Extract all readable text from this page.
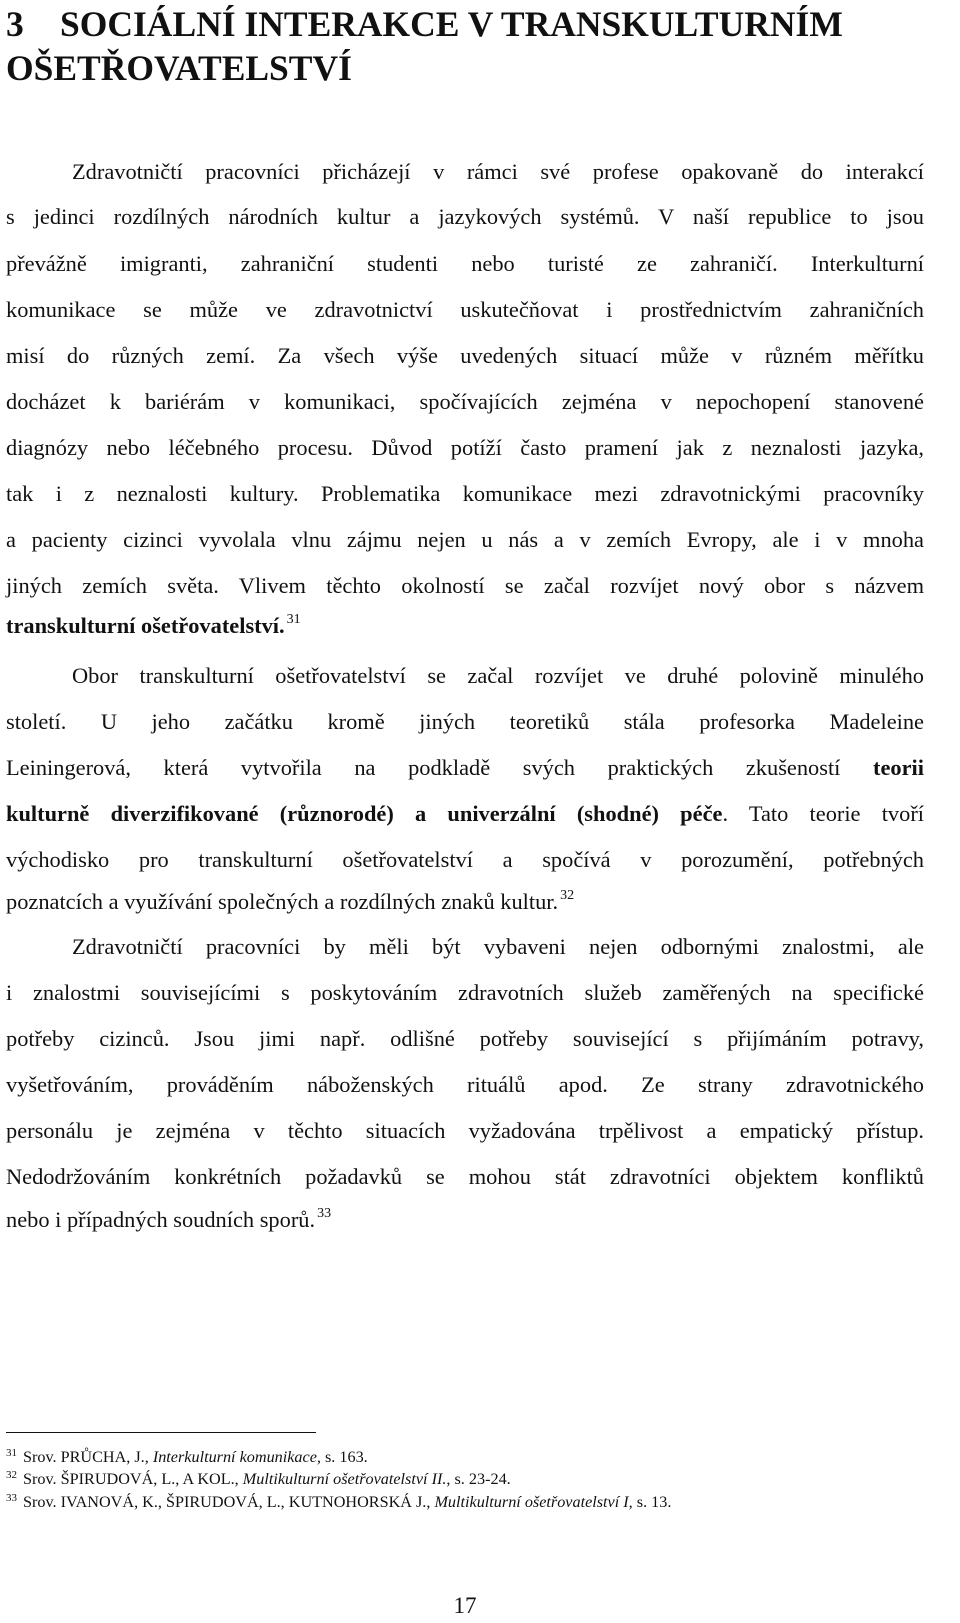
3 SOCIÁLNÍ INTERAKCE V TRANSKULTURNÍM
OŠETŘOVATELSTVÍ
Zdravotničtí pracovníci přicházejí v rámci své profese opakovaně do interakcí
s jedinci rozdílných národních kultur a jazykových systémů. V naší republice to jsou
převážně imigranti, zahraniční studenti nebo turisté ze zahraničí. Interkulturní
komunikace se může ve zdravotnictví uskutečňovat i prostřednictvím zahraničních
misí do různých zemí. Za všech výše uvedených situací může v různém měřítku
docházet k bariérám v komunikaci, spočívajících zejména v nepochopení stanovené
diagnózy nebo léčebného procesu. Důvod potíží často pramení jak z neznalosti jazyka,
tak i z neznalosti kultury. Problematika komunikace mezi zdravotnickými pracovníky
a pacienty cizinci vyvolala vlnu zájmu nejen u nás a v zemích Evropy, ale i v mnoha
jiných zemích světa. Vlivem těchto okolností se začal rozvíjet nový obor s názvem
transkulturní ošetřovatelství. $^{31}$
Obor transkulturní ošetřovatelství se začal rozvíjet ve druhé polovině minulého
století. U jeho začátku kromě jiných teoretiků stála profesorka Madeleine
Leiningerová, která vytvořila na podkladě svých praktických zkušeností teorii
kulturně diverzifikované (různorodé) a univerzální (shodné) péče. Tato teorie tvoří
východisko pro transkulturní ošetřovatelství a spočívá v porozumění, potřebných
poznatcích a využívání společných a rozdílných znaků kultur. $^{32}$
Zdravotničtí pracovníci by měli být vybaveni nejen odbornými znalostmi, ale
i znalostmi souvisejícími s poskytováním zdravotních služeb zaměřených na specifické
potřeby cizinců. Jsou jimi např. odlišné potřeby související s přijímáním potravy,
vyšetřováním, prováděním náboženských rituálů apod. Ze strany zdravotnického
personálu je zejména v těchto situacích vyžadována trpělivost a empatický přístup.
Nedodržováním konkrétních požadavků se mohou stát zdravotníci objektem konfliktů
nebo i případných soudních sporů. $^{33}$
$^{31}$ Srov. PRŮCHA, J., Interkulturní komunikace, s. 163.
$^{32}$ Srov. ŠPIRUDOVÁ, L., A KOL., Multikulturní ošetřovatelství II., s. 23-24.
$^{33}$ Srov. IVANOVÁ, K., ŠPIRUDOVÁ, L., KUTNOHORSKÁ J., Multikulturní ošetřovatelství I, s. 13.
17
